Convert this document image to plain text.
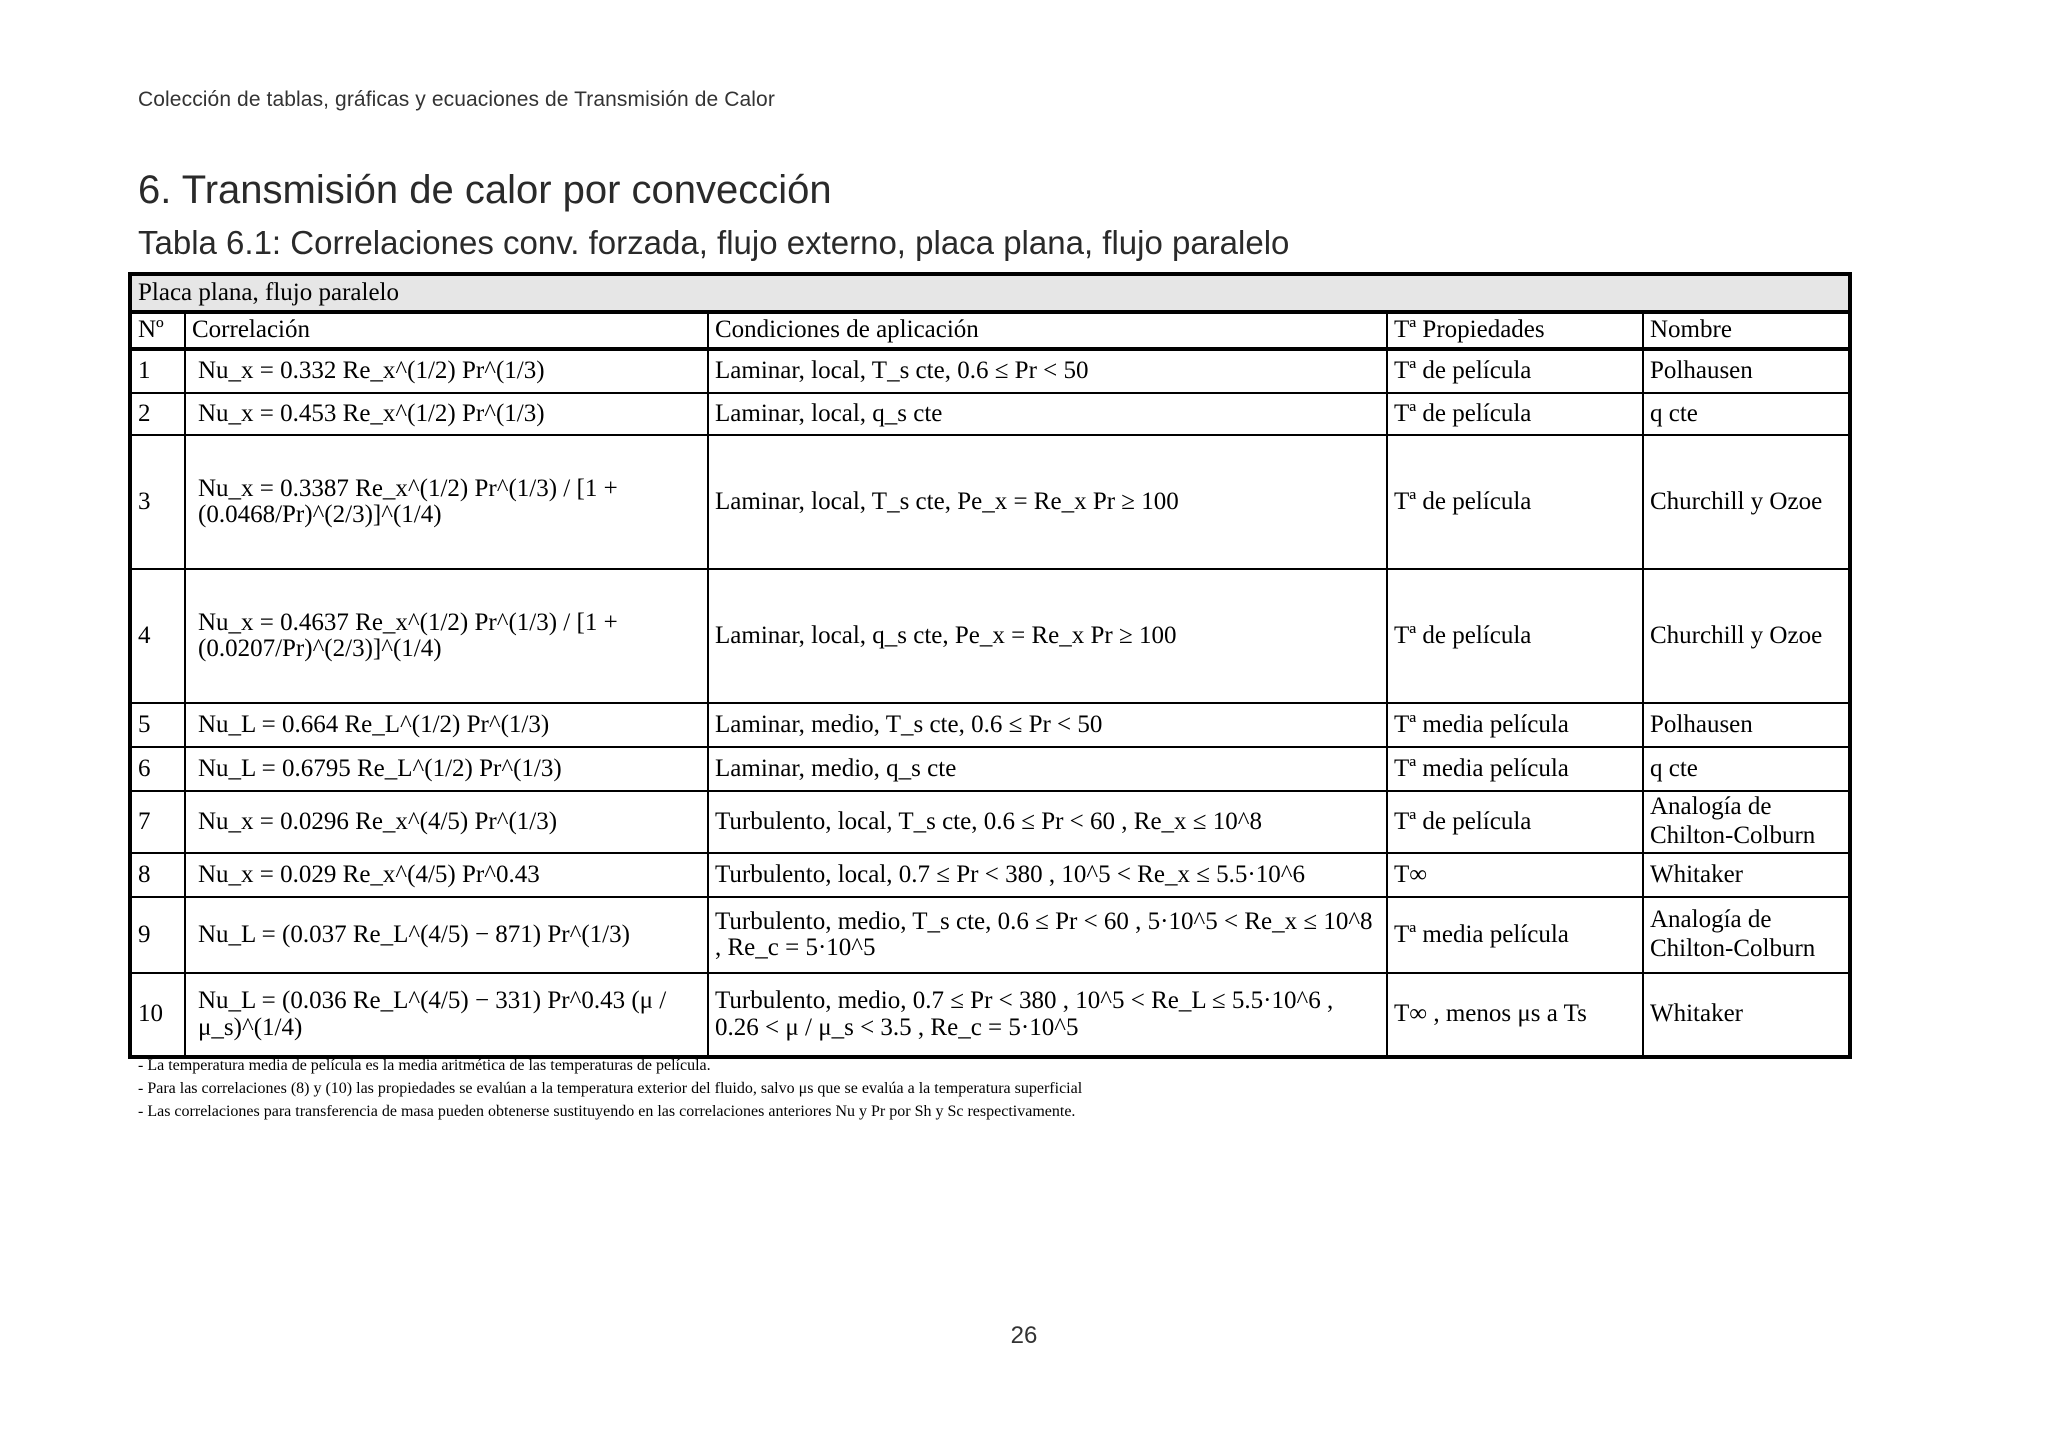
Colección de tablas, gráficas y ecuaciones de Transmisión de Calor
6. Transmisión de calor por convección
Tabla 6.1: Correlaciones conv. forzada, flujo externo, placa plana, flujo paralelo
Placa plana, flujo paralelo				
Nº	Correlación	Condiciones de aplicación	Tª Propiedades	Nombre
1	Nu_x = 0.332 Re_x^(1/2) Pr^(1/3)	Laminar, local, T_s cte, 0.6 ≤ Pr < 50	Tª de película	Polhausen
2	Nu_x = 0.453 Re_x^(1/2) Pr^(1/3)	Laminar, local, q_s cte	Tª de película	q cte
3	Nu_x = 0.3387 Re_x^(1/2) Pr^(1/3) / [1 + (0.0468/Pr)^(2/3)]^(1/4)	Laminar, local, T_s cte, Pe_x = Re_x Pr ≥ 100	Tª de película	Churchill y Ozoe
4	Nu_x = 0.4637 Re_x^(1/2) Pr^(1/3) / [1 + (0.0207/Pr)^(2/3)]^(1/4)	Laminar, local, q_s cte, Pe_x = Re_x Pr ≥ 100	Tª de película	Churchill y Ozoe
5	Nu_L = 0.664 Re_L^(1/2) Pr^(1/3)	Laminar, medio, T_s cte, 0.6 ≤ Pr < 50	Tª media película	Polhausen
6	Nu_L = 0.6795 Re_L^(1/2) Pr^(1/3)	Laminar, medio, q_s cte	Tª media película	q cte
7	Nu_x = 0.0296 Re_x^(4/5) Pr^(1/3)	Turbulento, local, T_s cte, 0.6 ≤ Pr < 60 , Re_x ≤ 10^8	Tª de película	Analogía de Chilton-Colburn
8	Nu_x = 0.029 Re_x^(4/5) Pr^0.43	Turbulento, local, 0.7 ≤ Pr < 380 , 10^5 < Re_x ≤ 5.5·10^6	T∞	Whitaker
9	Nu_L = (0.037 Re_L^(4/5) − 871) Pr^(1/3)	Turbulento, medio, T_s cte, 0.6 ≤ Pr < 60 , 5·10^5 < Re_x ≤ 10^8 , Re_c = 5·10^5	Tª media película	Analogía de Chilton-Colburn
10	Nu_L = (0.036 Re_L^(4/5) − 331) Pr^0.43 (μ / μ_s)^(1/4)	Turbulento, medio, 0.7 ≤ Pr < 380 , 10^5 < Re_L ≤ 5.5·10^6 , 0.26 < μ / μ_s < 3.5 , Re_c = 5·10^5	T∞ , menos μs a Ts	Whitaker
- La temperatura media de película es la media aritmética de las temperaturas de película.
- Para las correlaciones (8) y (10) las propiedades se evalúan a la temperatura exterior del fluido, salvo μs que se evalúa a la temperatura superficial
- Las correlaciones para transferencia de masa pueden obtenerse sustituyendo en las correlaciones anteriores Nu y Pr por Sh y Sc respectivamente.
26
